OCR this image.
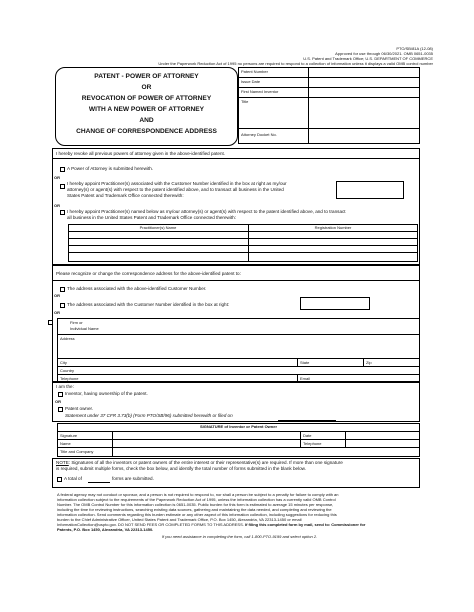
PTO/SB/81A (12-08)
Approved for use through 06/30/2021. OMB 0651-0035
U.S. Patent and Trademark Office; U.S. DEPARTMENT OF COMMERCE
Under the Paperwork Reduction Act of 1995 no persons are required to respond to a collection of information unless it displays a valid OMB control number
PATENT - POWER OF ATTORNEY
OR
REVOCATION OF POWER OF ATTORNEY
WITH A NEW POWER OF ATTORNEY
AND
CHANGE OF CORRESPONDENCE ADDRESS
Patent Number
Issue Date
First Named Inventor
Title
Attorney Docket No.
I hereby revoke all previous powers of attorney given in the above-identified patent.
A Power of Attorney is submitted herewith.
OR
I hereby appoint Practitioner(s) associated with the Customer Number identified in the box at right as my/our
attorney(s) or agent(s) with respect to the patent identified above, and to transact all business in the United
States Patent and Trademark Office connected therewith:
OR
I hereby appoint Practitioner(s) named below as my/our attorney(s) or agent(s) with respect to the patent identified above, and to transact
all business in the United States Patent and Trademark Office connected therewith:
Practitioner(s) Name	Registration Number
Please recognize or change the correspondence address for the above-identified patent to:
The address associated with the above-identified Customer Number.
OR
The address associated with the Customer Number identified in the box at right:
OR
Firm or
Individual Name
Address
City	State	Zip
Country
Telephone	Email
I am the:
Inventor, having ownership of the patent.
OR
Patent owner.
Statement under 37 CFR 3.73(b) (Form PTO/SB/96) submitted herewith or filed on
SIGNATURE of Inventor or Patent Owner
Signature	Date
Name	Telephone
Title and Company
NOTE: Signatures of all the inventors or patent owners of the entire interest or their representative(s) are required. If more than one signature
is required, submit multiple forms, check the box below, and identify the total number of forms submitted in the blank below.
A total of	forms are submitted.
A federal agency may not conduct or sponsor, and a person is not required to respond to, nor shall a person be subject to a penalty for failure to comply with an
information collection subject to the requirements of the Paperwork Reduction Act of 1995, unless the information collection has a currently valid OMB Control
Number. The OMB Control Number for this information collection is 0651-0035. Public burden for this form is estimated to average 15 minutes per response,
including the time for reviewing instructions, searching existing data sources, gathering and maintaining the data needed, and completing and reviewing the
information collection. Send comments regarding this burden estimate or any other aspect of this information collection, including suggestions for reducing this
burden to the Chief Administrative Officer, United States Patent and Trademark Office, P.O. Box 1450, Alexandria, VA 22313-1450 or email
InformationCollection@uspto.gov. DO NOT SEND FEES OR COMPLETED FORMS TO THIS ADDRESS. If filing this completed form by mail, send to: Commissioner for
Patents, P.O. Box 1450, Alexandria, VA 22313-1450.
If you need assistance in completing the form, call 1-800-PTO-9199 and select option 2.
